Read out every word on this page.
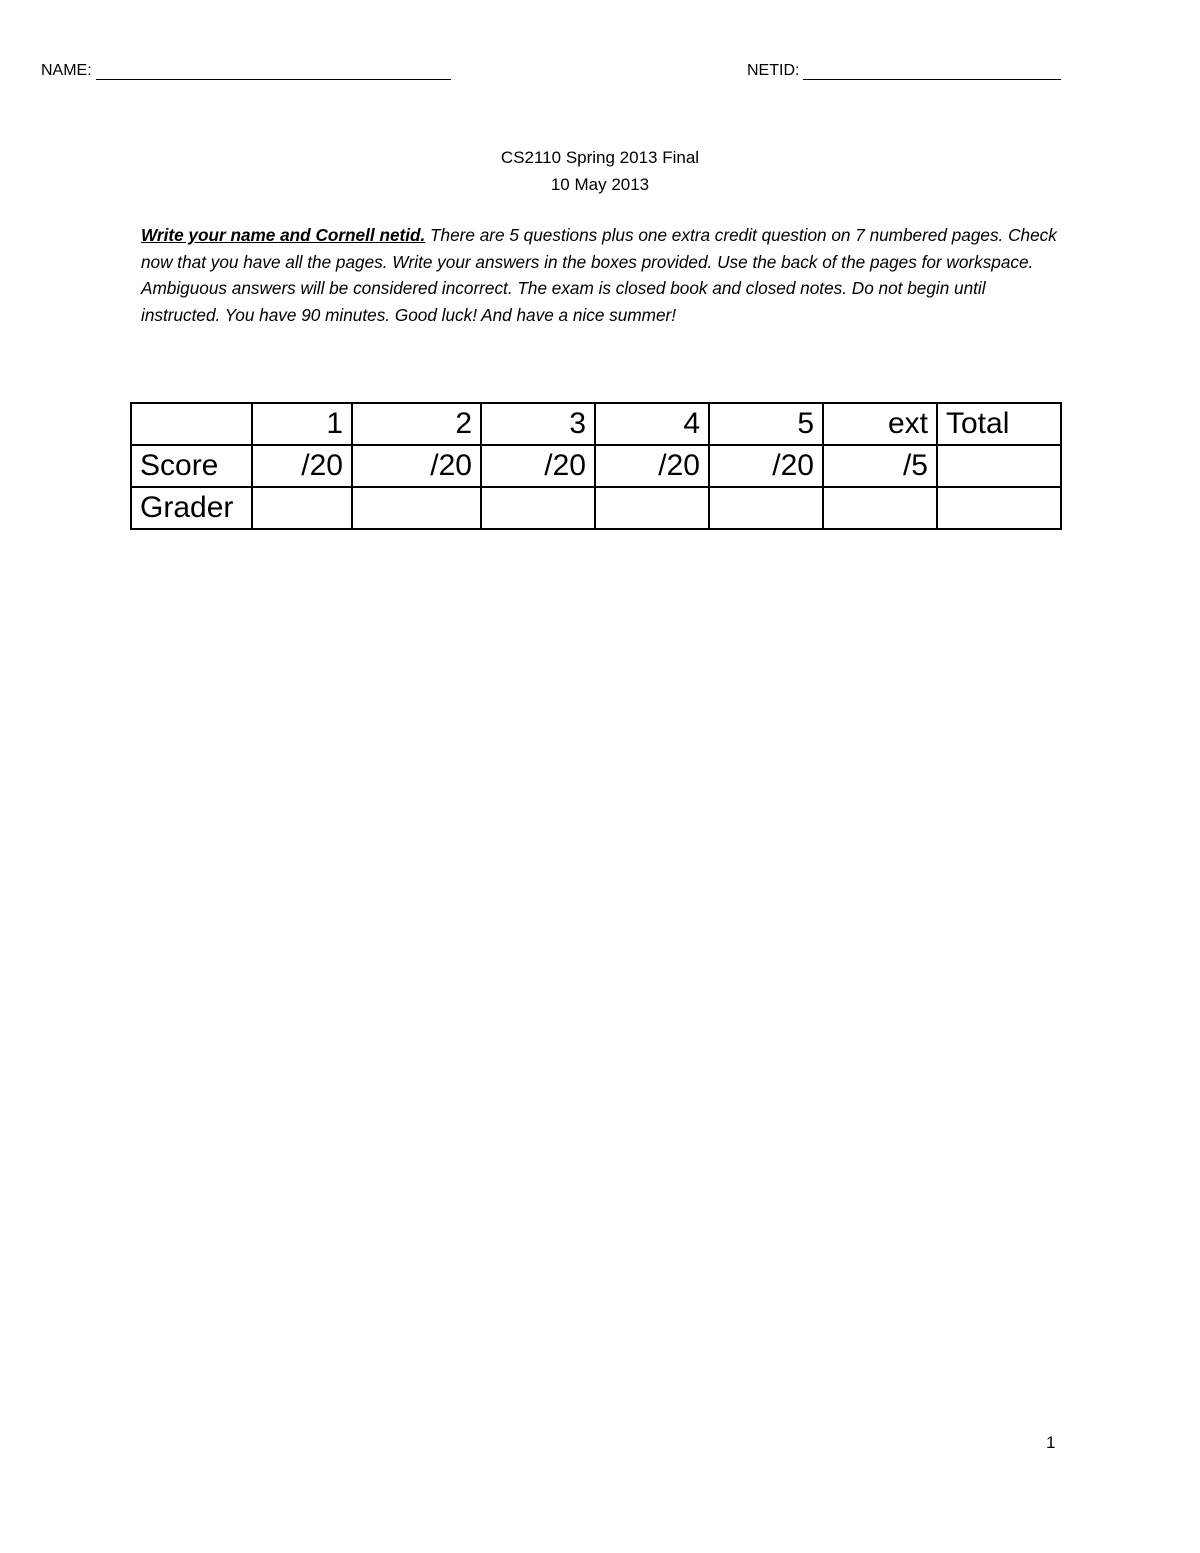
NAME:	NETID:
CS2110 Spring 2013 Final
10 May 2013
Write your name and Cornell netid. There are 5 questions plus one extra credit question on 7 numbered pages. Check now that you have all the pages. Write your answers in the boxes provided. Use the back of the pages for workspace. Ambiguous answers will be considered incorrect. The exam is closed book and closed notes. Do not begin until instructed. You have 90 minutes. Good luck! And have a nice summer!
	1	2	3	4	5	ext	Total
Score	/20	/20	/20	/20	/20	/5	
Grader							
1
